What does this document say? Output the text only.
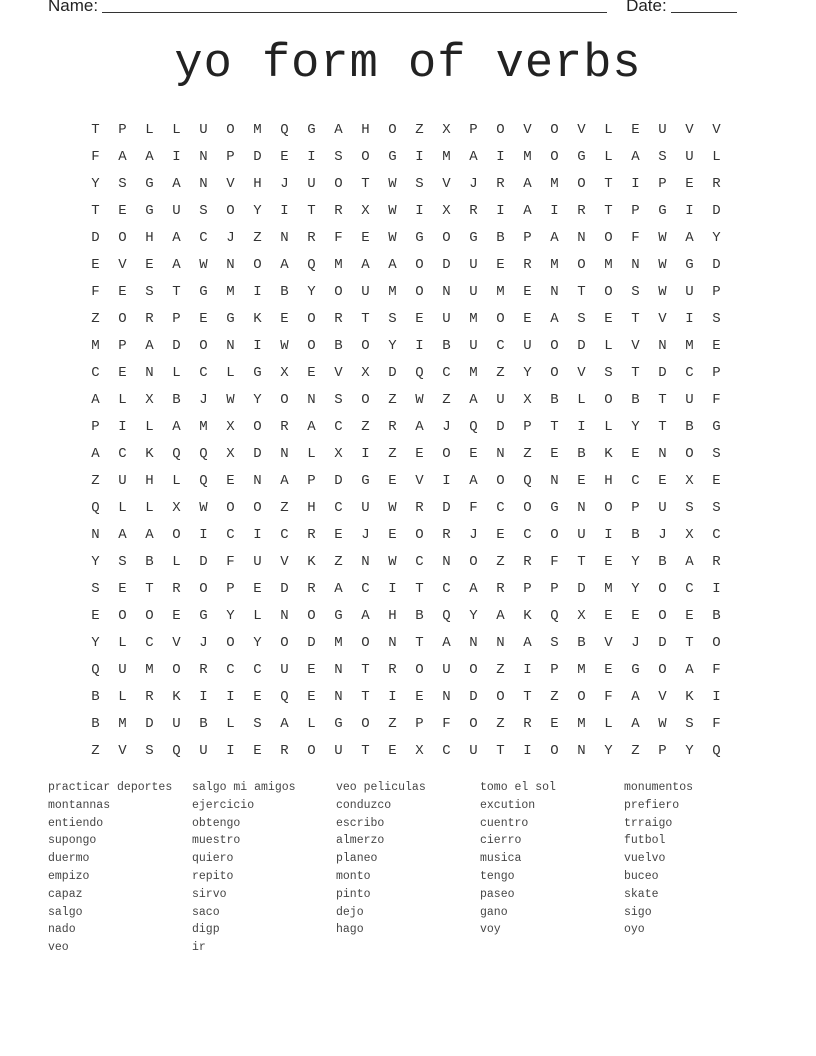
Name:	Date:
yo form of verbs
T	P	L	L	U	O	M	Q	G	A	H	O	Z	X	P	O	V	O	V	L	E	U	V	V
F	A	A	I	N	P	D	E	I	S	O	G	I	M	A	I	M	O	G	L	A	S	U	L
Y	S	G	A	N	V	H	J	U	O	T	W	S	V	J	R	A	M	O	T	I	P	E	R
T	E	G	U	S	O	Y	I	T	R	X	W	I	X	R	I	A	I	R	T	P	G	I	D
D	O	H	A	C	J	Z	N	R	F	E	W	G	O	G	B	P	A	N	O	F	W	A	Y
E	V	E	A	W	N	O	A	Q	M	A	A	O	D	U	E	R	M	O	M	N	W	G	D
F	E	S	T	G	M	I	B	Y	O	U	M	O	N	U	M	E	N	T	O	S	W	U	P
Z	O	R	P	E	G	K	E	O	R	T	S	E	U	M	O	E	A	S	E	T	V	I	S
M	P	A	D	O	N	I	W	O	B	O	Y	I	B	U	C	U	O	D	L	V	N	M	E
C	E	N	L	C	L	G	X	E	V	X	D	Q	C	M	Z	Y	O	V	S	T	D	C	P
A	L	X	B	J	W	Y	O	N	S	O	Z	W	Z	A	U	X	B	L	O	B	T	U	F
P	I	L	A	M	X	O	R	A	C	Z	R	A	J	Q	D	P	T	I	L	Y	T	B	G
A	C	K	Q	Q	X	D	N	L	X	I	Z	E	O	E	N	Z	E	B	K	E	N	O	S
Z	U	H	L	Q	E	N	A	P	D	G	E	V	I	A	O	Q	N	E	H	C	E	X	E
Q	L	L	X	W	O	O	Z	H	C	U	W	R	D	F	C	O	G	N	O	P	U	S	S
N	A	A	O	I	C	I	C	R	E	J	E	O	R	J	E	C	O	U	I	B	J	X	C
Y	S	B	L	D	F	U	V	K	Z	N	W	C	N	O	Z	R	F	T	E	Y	B	A	R
S	E	T	R	O	P	E	D	R	A	C	I	T	C	A	R	P	P	D	M	Y	O	C	I
E	O	O	E	G	Y	L	N	O	G	A	H	B	Q	Y	A	K	Q	X	E	E	O	E	B
Y	L	C	V	J	O	Y	O	D	M	O	N	T	A	N	N	A	S	B	V	J	D	T	O
Q	U	M	O	R	C	C	U	E	N	T	R	O	U	O	Z	I	P	M	E	G	O	A	F
B	L	R	K	I	I	E	Q	E	N	T	I	E	N	D	O	T	Z	O	F	A	V	K	I
B	M	D	U	B	L	S	A	L	G	O	Z	P	F	O	Z	R	E	M	L	A	W	S	F
Z	V	S	Q	U	I	E	R	O	U	T	E	X	C	U	T	I	O	N	Y	Z	P	Y	Q
practicar deportes
montannas
entiendo
supongo
duermo
empizo
capaz
salgo
nado
veo
salgo mi amigos
ejercicio
obtengo
muestro
quiero
repito
sirvo
saco
digp
ir
veo peliculas
conduzco
escribo
almerzo
planeo
monto
pinto
dejo
hago
tomo el sol
excution
cuentro
cierro
musica
tengo
paseo
gano
voy
monumentos
prefiero
trraigo
futbol
vuelvo
buceo
skate
sigo
oyo
